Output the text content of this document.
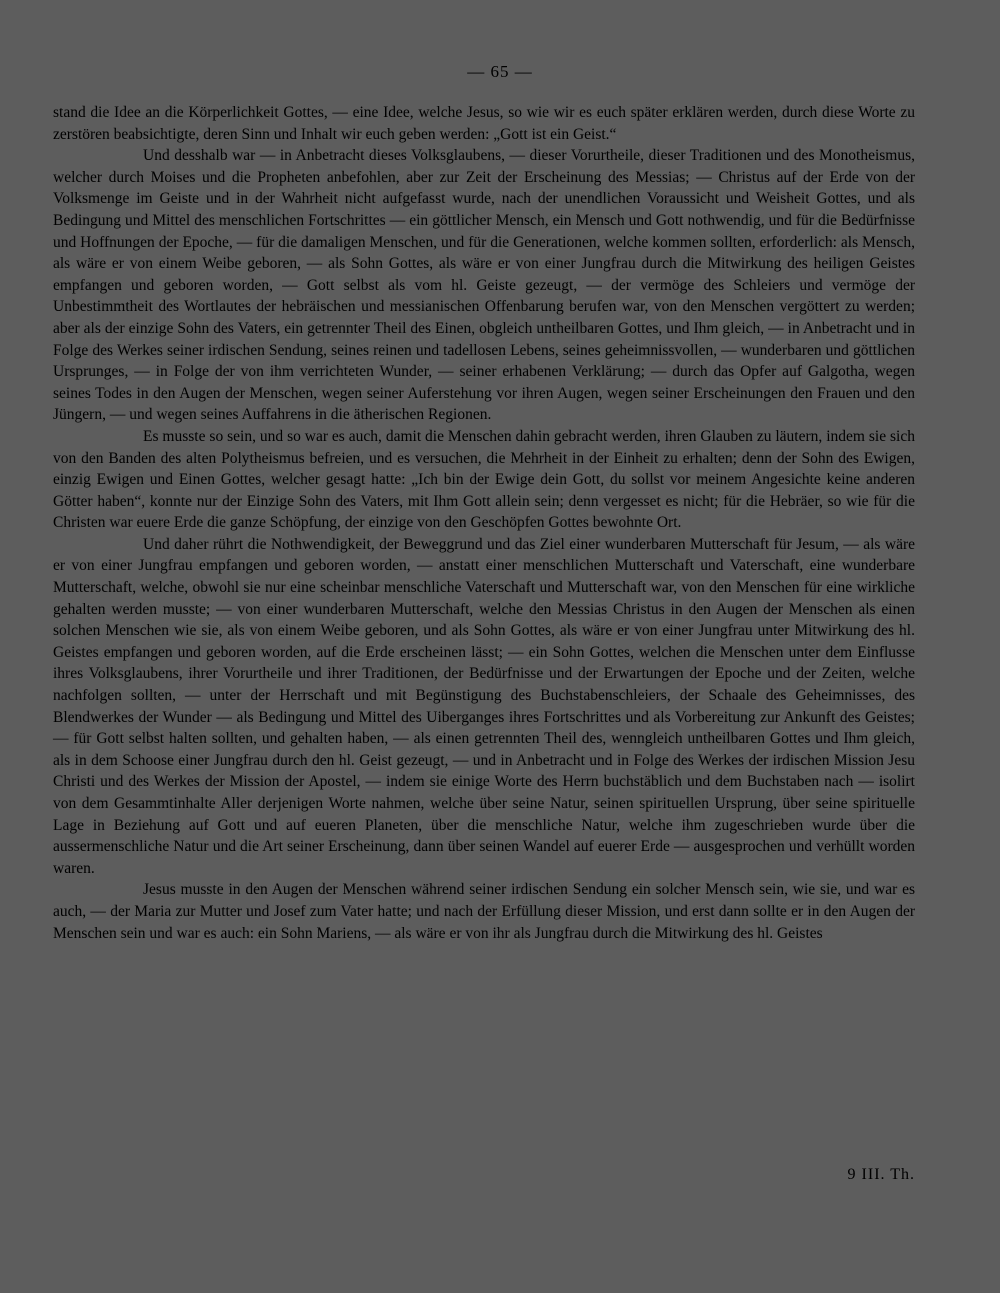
— 65 —

stand die Idee an die Körperlichkeit Gottes, — eine Idee, welche Jesus, so wie wir es euch später erklären werden, durch diese Worte zu zerstören beabsichtigte, deren Sinn und Inhalt wir euch geben werden: „Gott ist ein Geist.“

Und desshalb war — in Anbetracht dieses Volksglaubens, — dieser Vorurtheile, dieser Traditionen und des Monotheismus, welcher durch Moises und die Propheten anbefohlen, aber zur Zeit der Erscheinung des Messias; — Christus auf der Erde von der Volksmenge im Geiste und in der Wahrheit nicht aufgefasst wurde, nach der unendlichen Voraussicht und Weisheit Gottes, und als Bedingung und Mittel des menschlichen Fortschrittes — ein göttlicher Mensch, ein Mensch und Gott nothwendig, und für die Bedürfnisse und Hoffnungen der Epoche, — für die damaligen Menschen, und für die Generationen, welche kommen sollten, erforderlich: als Mensch, als wäre er von einem Weibe geboren, — als Sohn Gottes, als wäre er von einer Jungfrau durch die Mitwirkung des heiligen Geistes empfangen und geboren worden, — Gott selbst als vom hl. Geiste gezeugt, — der vermöge des Schleiers und vermöge der Unbestimmtheit des Wortlautes der hebräischen und messianischen Offenbarung berufen war, von den Menschen vergöttert zu werden; aber als der einzige Sohn des Vaters, ein getrennter Theil des Einen, obgleich untheilbaren Gottes, und Ihm gleich, — in Anbetracht und in Folge des Werkes seiner irdischen Sendung, seines reinen und tadellosen Lebens, seines geheimnissvollen, — wunderbaren und göttlichen Ursprunges, — in Folge der von ihm verrichteten Wunder, — seiner erhabenen Verklärung; — durch das Opfer auf Galgotha, wegen seines Todes in den Augen der Menschen, wegen seiner Auferstehung vor ihren Augen, wegen seiner Erscheinungen den Frauen und den Jüngern, — und wegen seines Auffahrens in die ätherischen Regionen.

Es musste so sein, und so war es auch, damit die Menschen dahin gebracht werden, ihren Glauben zu läutern, indem sie sich von den Banden des alten Polytheismus befreien, und es versuchen, die Mehrheit in der Einheit zu erhalten; denn der Sohn des Ewigen, einzig Ewigen und Einen Gottes, welcher gesagt hatte: „Ich bin der Ewige dein Gott, du sollst vor meinem Angesichte keine anderen Götter haben“, konnte nur der Einzige Sohn des Vaters, mit Ihm Gott allein sein; denn vergesset es nicht; für die Hebräer, so wie für die Christen war euere Erde die ganze Schöpfung, der einzige von den Geschöpfen Gottes bewohnte Ort.

Und daher rührt die Nothwendigkeit, der Beweggrund und das Ziel einer wunderbaren Mutterschaft für Jesum, — als wäre er von einer Jungfrau empfangen und geboren worden, — anstatt einer menschlichen Mutterschaft und Vaterschaft, eine wunderbare Mutterschaft, welche, obwohl sie nur eine scheinbar menschliche Vaterschaft und Mutterschaft war, von den Menschen für eine wirkliche gehalten werden musste; — von einer wunderbaren Mutterschaft, welche den Messias Christus in den Augen der Menschen als einen solchen Menschen wie sie, als von einem Weibe geboren, und als Sohn Gottes, als wäre er von einer Jungfrau unter Mitwirkung des hl. Geistes empfangen und geboren worden, auf die Erde erscheinen lässt; — ein Sohn Gottes, welchen die Menschen unter dem Einflusse ihres Volksglaubens, ihrer Vorurtheile und ihrer Traditionen, der Bedürfnisse und der Erwartungen der Epoche und der Zeiten, welche nachfolgen sollten, — unter der Herrschaft und mit Begünstigung des Buchstabenschleiers, der Schaale des Geheimnisses, des Blendwerkes der Wunder — als Bedingung und Mittel des Uiberganges ihres Fortschrittes und als Vorbereitung zur Ankunft des Geistes; — für Gott selbst halten sollten, und gehalten haben, — als einen getrennten Theil des, wenngleich untheilbaren Gottes und Ihm gleich, als in dem Schoose einer Jungfrau durch den hl. Geist gezeugt, — und in Anbetracht und in Folge des Werkes der irdischen Mission Jesu Christi und des Werkes der Mission der Apostel, — indem sie einige Worte des Herrn buchstäblich und dem Buchstaben nach — isolirt von dem Gesammtinhalte Aller derjenigen Worte nahmen, welche über seine Natur, seinen spirituellen Ursprung, über seine spirituelle Lage in Beziehung auf Gott und auf eueren Planeten, über die menschliche Natur, welche ihm zugeschrieben wurde über die aussermenschliche Natur und die Art seiner Erscheinung, dann über seinen Wandel auf euerer Erde — ausgesprochen und verhüllt worden waren.

Jesus musste in den Augen der Menschen während seiner irdischen Sendung ein solcher Mensch sein, wie sie, und war es auch, — der Maria zur Mutter und Josef zum Vater hatte; und nach der Erfüllung dieser Mission, und erst dann sollte er in den Augen der Menschen sein und war es auch: ein Sohn Mariens, — als wäre er von ihr als Jungfrau durch die Mitwirkung des hl. Geistes

9 III. Th.
